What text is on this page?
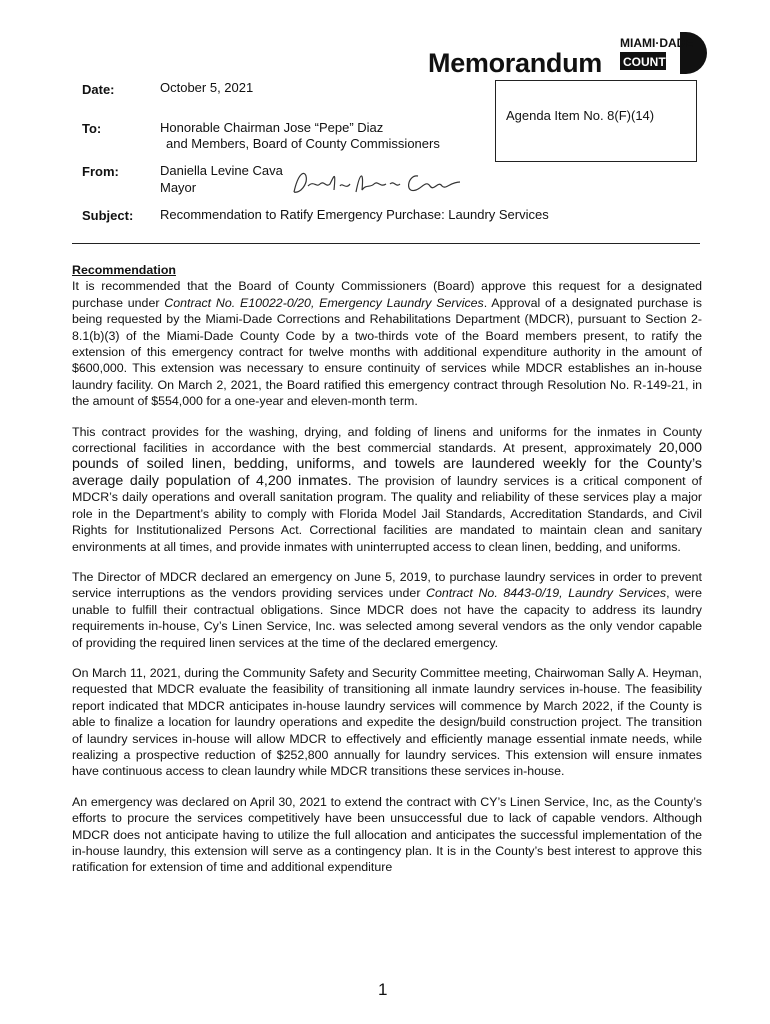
Memorandum
MIAMI·DADE
COUNTY
Date:	October 5, 2021
Agenda Item No. 8(F)(14)
To:	Honorable Chairman Jose “Pepe” Diaz
and Members, Board of County Commissioners
From:	Daniella Levine Cava
Mayor
Subject: Recommendation to Ratify Emergency Purchase: Laundry Services

Recommendation
It is recommended that the Board of County Commissioners (Board) approve this request for a designated purchase under Contract No. E10022-0/20, Emergency Laundry Services. Approval of a designated purchase is being requested by the Miami-Dade Corrections and Rehabilitations Department (MDCR), pursuant to Section 2-8.1(b)(3) of the Miami-Dade County Code by a two-thirds vote of the Board members present, to ratify the extension of this emergency contract for twelve months with additional expenditure authority in the amount of $600,000. This extension was necessary to ensure continuity of services while MDCR establishes an in-house laundry facility. On March 2, 2021, the Board ratified this emergency contract through Resolution No. R-149-21, in the amount of $554,000 for a one-year and eleven-month term.

This contract provides for the washing, drying, and folding of linens and uniforms for the inmates in County correctional facilities in accordance with the best commercial standards. At present, approximately 20,000 pounds of soiled linen, bedding, uniforms, and towels are laundered weekly for the County’s average daily population of 4,200 inmates. The provision of laundry services is a critical component of MDCR’s daily operations and overall sanitation program. The quality and reliability of these services play a major role in the Department’s ability to comply with Florida Model Jail Standards, Accreditation Standards, and Civil Rights for Institutionalized Persons Act. Correctional facilities are mandated to maintain clean and sanitary environments at all times, and provide inmates with uninterrupted access to clean linen, bedding, and uniforms.

The Director of MDCR declared an emergency on June 5, 2019, to purchase laundry services in order to prevent service interruptions as the vendors providing services under Contract No. 8443-0/19, Laundry Services, were unable to fulfill their contractual obligations. Since MDCR does not have the capacity to address its laundry requirements in-house, Cy’s Linen Service, Inc. was selected among several vendors as the only vendor capable of providing the required linen services at the time of the declared emergency.

On March 11, 2021, during the Community Safety and Security Committee meeting, Chairwoman Sally A. Heyman, requested that MDCR evaluate the feasibility of transitioning all inmate laundry services in-house. The feasibility report indicated that MDCR anticipates in-house laundry services will commence by March 2022, if the County is able to finalize a location for laundry operations and expedite the design/build construction project. The transition of laundry services in-house will allow MDCR to effectively and efficiently manage essential inmate needs, while realizing a prospective reduction of $252,800 annually for laundry services. This extension will ensure inmates have continuous access to clean laundry while MDCR transitions these services in-house.

An emergency was declared on April 30, 2021 to extend the contract with CY’s Linen Service, Inc, as the County’s efforts to procure the services competitively have been unsuccessful due to lack of capable vendors. Although MDCR does not anticipate having to utilize the full allocation and anticipates the successful implementation of the in-house laundry, this extension will serve as a contingency plan. It is in the County’s best interest to approve this ratification for extension of time and additional expenditure

1
